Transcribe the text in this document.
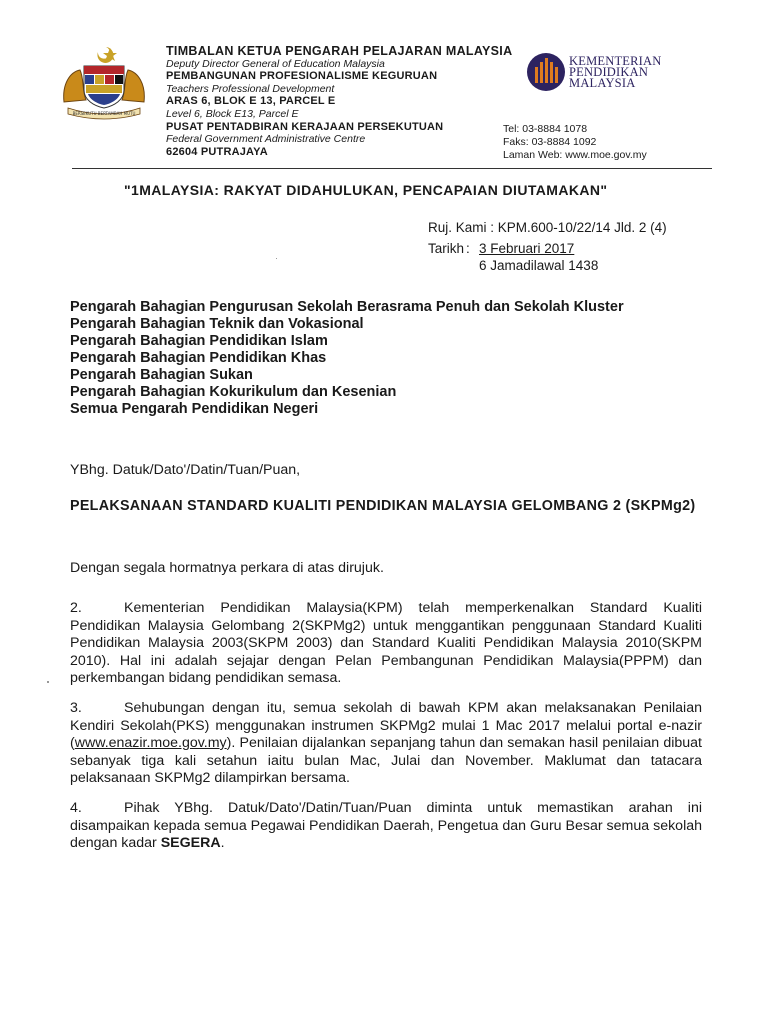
BERSEKUTU BERTAMBAH MUTU
TIMBALAN KETUA PENGARAH PELAJARAN MALAYSIA
Deputy Director General of Education Malaysia
PEMBANGUNAN PROFESIONALISME KEGURUAN
Teachers Professional Development
ARAS 6, BLOK E 13, PARCEL E
Level 6, Block E13, Parcel E
PUSAT PENTADBIRAN KERAJAAN PERSEKUTUAN
Federal Government Administrative Centre
62604 PUTRAJAYA
KEMENTERIAN
PENDIDIKAN
MALAYSIA
Tel: 03-8884 1078
Faks: 03-8884 1092
Laman Web: www.moe.gov.my
"1MALAYSIA: RAKYAT DIDAHULUKAN, PENCAPAIAN DIUTAMAKAN"
Ruj. Kami : KPM.600-10/22/14 Jld. 2 (4)
Tarikh : 3 Februari 2017
6 Jamadilawal 1438
Pengarah Bahagian Pengurusan Sekolah Berasrama Penuh dan Sekolah Kluster
Pengarah Bahagian Teknik dan Vokasional
Pengarah Bahagian Pendidikan Islam
Pengarah Bahagian Pendidikan Khas
Pengarah Bahagian Sukan
Pengarah Bahagian Kokurikulum dan Kesenian
Semua Pengarah Pendidikan Negeri
YBhg. Datuk/Dato'/Datin/Tuan/Puan,
PELAKSANAAN STANDARD KUALITI PENDIDIKAN MALAYSIA GELOMBANG 2 (SKPMg2)
Dengan segala hormatnya perkara di atas dirujuk.
2.	Kementerian Pendidikan Malaysia(KPM) telah memperkenalkan Standard Kualiti Pendidikan Malaysia Gelombang 2(SKPMg2) untuk menggantikan penggunaan Standard Kualiti Pendidikan Malaysia 2003(SKPM 2003) dan Standard Kualiti Pendidikan Malaysia 2010(SKPM 2010). Hal ini adalah sejajar dengan Pelan Pembangunan Pendidikan Malaysia(PPPM) dan perkembangan bidang pendidikan semasa.
3.	Sehubungan dengan itu, semua sekolah di bawah KPM akan melaksanakan Penilaian Kendiri Sekolah(PKS) menggunakan instrumen SKPMg2 mulai 1 Mac 2017 melalui portal e-nazir (www.enazir.moe.gov.my). Penilaian dijalankan sepanjang tahun dan semakan hasil penilaian dibuat sebanyak tiga kali setahun iaitu bulan Mac, Julai dan November. Maklumat dan tatacara pelaksanaan SKPMg2 dilampirkan bersama.
4.	Pihak YBhg. Datuk/Dato'/Datin/Tuan/Puan diminta untuk memastikan arahan ini disampaikan kepada semua Pegawai Pendidikan Daerah, Pengetua dan Guru Besar semua sekolah dengan kadar SEGERA.
